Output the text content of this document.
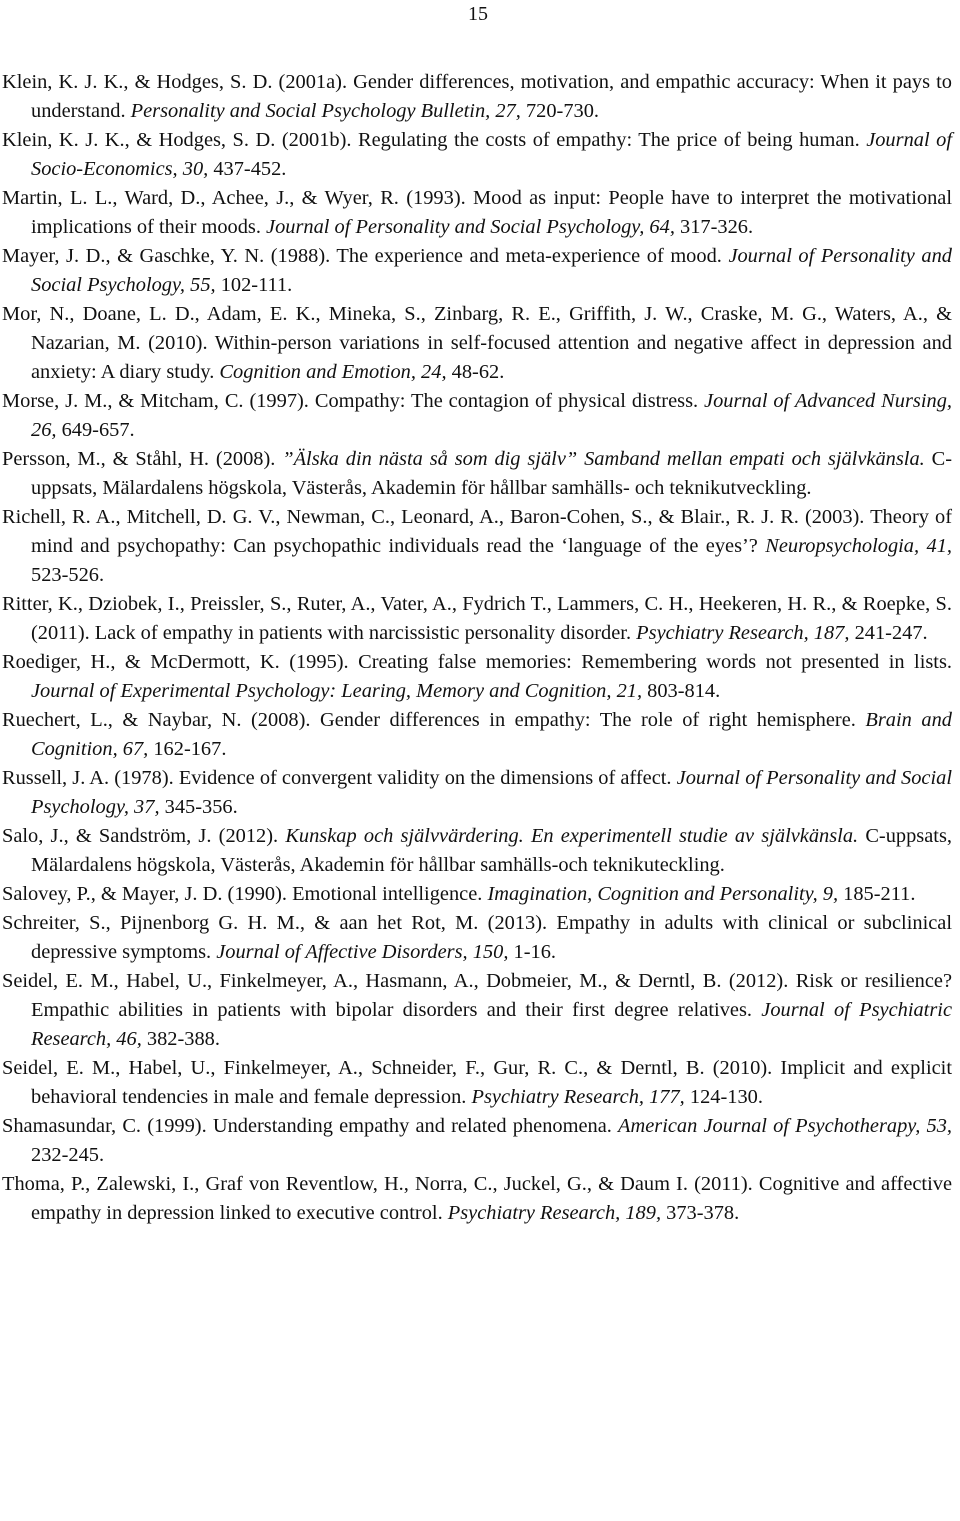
15

Klein, K. J. K., & Hodges, S. D. (2001a). Gender differences, motivation, and empathic accuracy: When it pays to understand. Personality and Social Psychology Bulletin, 27, 720-730.

Klein, K. J. K., & Hodges, S. D. (2001b). Regulating the costs of empathy: The price of being human. Journal of Socio-Economics, 30, 437-452.

Martin, L. L., Ward, D., Achee, J., & Wyer, R. (1993). Mood as input: People have to interpret the motivational implications of their moods. Journal of Personality and Social Psychology, 64, 317-326.

Mayer, J. D., & Gaschke, Y. N. (1988). The experience and meta-experience of mood. Journal of Personality and Social Psychology, 55, 102-111.

Mor, N., Doane, L. D., Adam, E. K., Mineka, S., Zinbarg, R. E., Griffith, J. W., Craske, M. G., Waters, A., & Nazarian, M. (2010). Within-person variations in self-focused attention and negative affect in depression and anxiety: A diary study. Cognition and Emotion, 24, 48-62.

Morse, J. M., & Mitcham, C. (1997). Compathy: The contagion of physical distress. Journal of Advanced Nursing, 26, 649-657.

Persson, M., & Ståhl, H. (2008). ”Älska din nästa så som dig själv” Samband mellan empati och självkänsla. C-uppsats, Mälardalens högskola, Västerås, Akademin för hållbar samhälls- och teknikutveckling.

Richell, R. A., Mitchell, D. G. V., Newman, C., Leonard, A., Baron-Cohen, S., & Blair., R. J. R. (2003). Theory of mind and psychopathy: Can psychopathic individuals read the ‘language of the eyes’? Neuropsychologia, 41, 523-526.

Ritter, K., Dziobek, I., Preissler, S., Ruter, A., Vater, A., Fydrich T., Lammers, C. H., Heekeren, H. R., & Roepke, S. (2011). Lack of empathy in patients with narcissistic personality disorder. Psychiatry Research, 187, 241-247.

Roediger, H., & McDermott, K. (1995). Creating false memories: Remembering words not presented in lists. Journal of Experimental Psychology: Learing, Memory and Cognition, 21, 803-814.

Ruechert, L., & Naybar, N. (2008). Gender differences in empathy: The role of right hemisphere. Brain and Cognition, 67, 162-167.

Russell, J. A. (1978). Evidence of convergent validity on the dimensions of affect. Journal of Personality and Social Psychology, 37, 345-356.

Salo, J., & Sandström, J. (2012). Kunskap och självvärdering. En experimentell studie av självkänsla. C-uppsats, Mälardalens högskola, Västerås, Akademin för hållbar samhälls-och teknikuteckling.

Salovey, P., & Mayer, J. D. (1990). Emotional intelligence. Imagination, Cognition and Personality, 9, 185-211.

Schreiter, S., Pijnenborg G. H. M., & aan het Rot, M. (2013). Empathy in adults with clinical or subclinical depressive symptoms. Journal of Affective Disorders, 150, 1-16.

Seidel, E. M., Habel, U., Finkelmeyer, A., Hasmann, A., Dobmeier, M., & Derntl, B. (2012). Risk or resilience? Empathic abilities in patients with bipolar disorders and their first degree relatives. Journal of Psychiatric Research, 46, 382-388.

Seidel, E. M., Habel, U., Finkelmeyer, A., Schneider, F., Gur, R. C., & Derntl, B. (2010). Implicit and explicit behavioral tendencies in male and female depression. Psychiatry Research, 177, 124-130.

Shamasundar, C. (1999). Understanding empathy and related phenomena. American Journal of Psychotherapy, 53, 232-245.

Thoma, P., Zalewski, I., Graf von Reventlow, H., Norra, C., Juckel, G., & Daum I. (2011). Cognitive and affective empathy in depression linked to executive control. Psychiatry Research, 189, 373-378.
